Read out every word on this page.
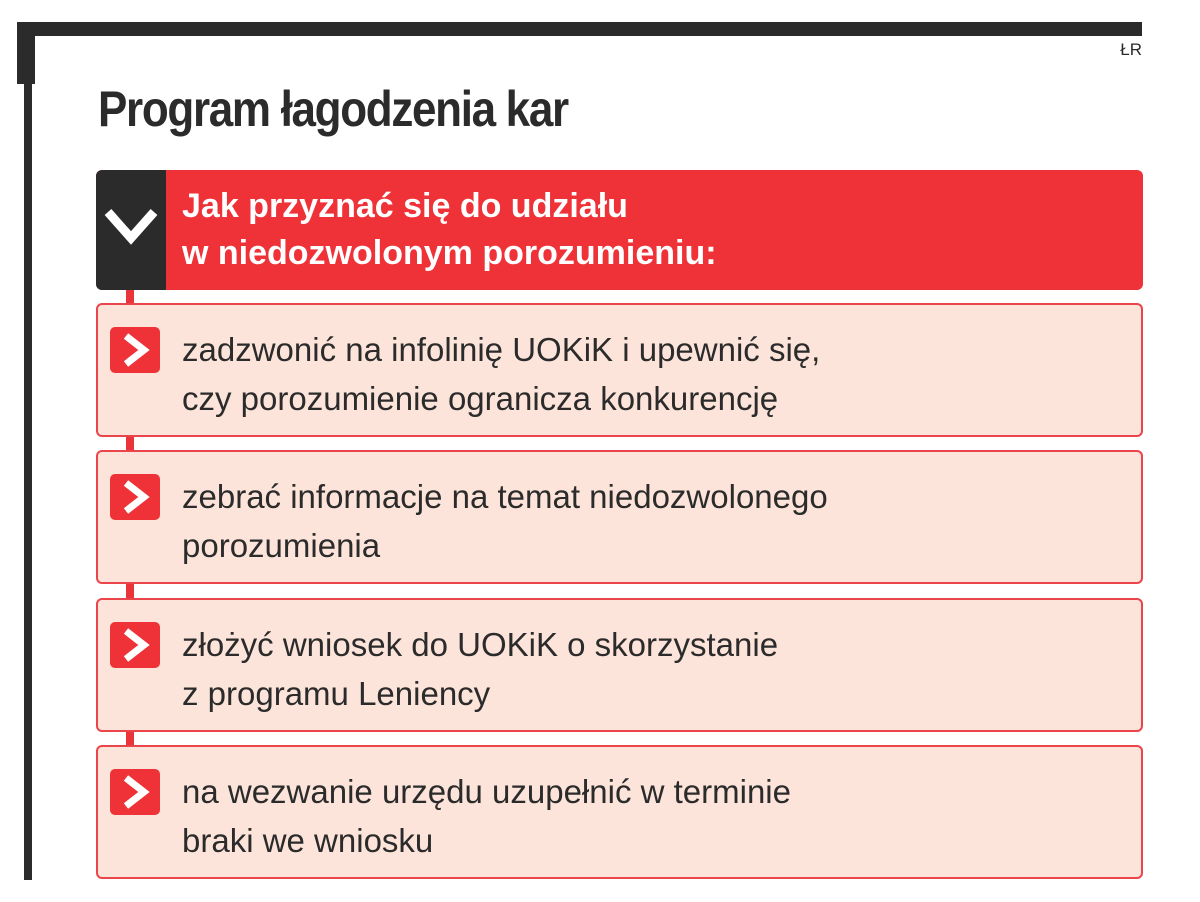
ŁR
Program łagodzenia kar
Jak przyznać się do udziału
w niedozwolonym porozumieniu:
zadzwonić na infolinię UOKiK i upewnić się,
czy porozumienie ogranicza konkurencję
zebrać informacje na temat niedozwolonego
porozumienia
złożyć wniosek do UOKiK o skorzystanie
z programu Leniency
na wezwanie urzędu uzupełnić w terminie
braki we wniosku
